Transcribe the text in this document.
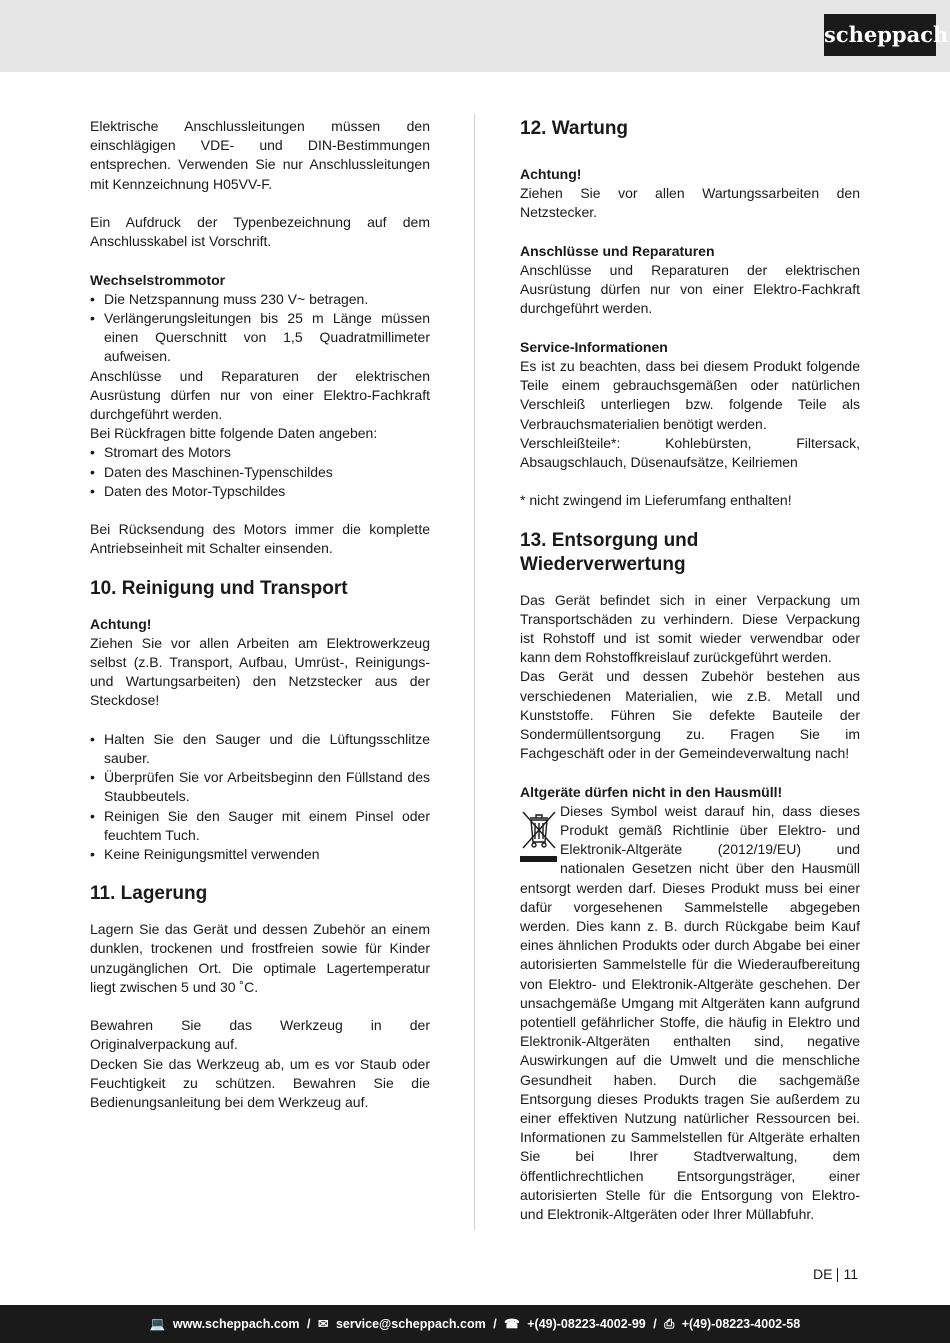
scheppach

Elektrische Anschlussleitungen müssen den einschlägigen VDE- und DIN-Bestimmungen entsprechen. Verwenden Sie nur Anschlussleitungen mit Kennzeichnung H05VV-F.

Ein Aufdruck der Typenbezeichnung auf dem Anschlusskabel ist Vorschrift.

Wechselstrommotor

• Die Netzspannung muss 230 V~ betragen.
• Verlängerungsleitungen bis 25 m Länge müssen einen Querschnitt von 1,5 Quadratmillimeter aufweisen.

Anschlüsse und Reparaturen der elektrischen Ausrüstung dürfen nur von einer Elektro-Fachkraft durchgeführt werden.

Bei Rückfragen bitte folgende Daten angeben:

• Stromart des Motors
• Daten des Maschinen-Typenschildes
• Daten des Motor-Typschildes

Bei Rücksendung des Motors immer die komplette Antriebseinheit mit Schalter einsenden.

10. Reinigung und Transport

Achtung!

Ziehen Sie vor allen Arbeiten am Elektrowerkzeug selbst (z.B. Transport, Aufbau, Umrüst-, Reinigungs- und Wartungsarbeiten) den Netzstecker aus der Steckdose!

• Halten Sie den Sauger und die Lüftungsschlitze sauber.
• Überprüfen Sie vor Arbeitsbeginn den Füllstand des Staubbeutels.
• Reinigen Sie den Sauger mit einem Pinsel oder feuchtem Tuch.
• Keine Reinigungsmittel verwenden
11. Lagerung

Lagern Sie das Gerät und dessen Zubehör an einem dunklen, trockenen und frostfreien sowie für Kinder unzugänglichen Ort. Die optimale Lagertemperatur liegt zwischen 5 und 30 ˚C.

Bewahren Sie das Werkzeug in der Originalverpackung auf.

Decken Sie das Werkzeug ab, um es vor Staub oder Feuchtigkeit zu schützen. Bewahren Sie die Bedienungsanleitung bei dem Werkzeug auf.

12. Wartung

Achtung!

Ziehen Sie vor allen Wartungssarbeiten den Netzstecker.

Anschlüsse und Reparaturen

Anschlüsse und Reparaturen der elektrischen Ausrüstung dürfen nur von einer Elektro-Fachkraft durchgeführt werden.

Service-Informationen

Es ist zu beachten, dass bei diesem Produkt folgende Teile einem gebrauchsgemäßen oder natürlichen Verschleiß unterliegen bzw. folgende Teile als Verbrauchsmaterialien benötigt werden.

Verschleißteile*: Kohlebürsten, Filtersack, Absaugschlauch, Düsenaufsätze, Keilriemen

* nicht zwingend im Lieferumfang enthalten!

13. Entsorgung und Wiederverwertung

Das Gerät befindet sich in einer Verpackung um Transportschäden zu verhindern. Diese Verpackung ist Rohstoff und ist somit wieder verwendbar oder kann dem Rohstoffkreislauf zurückgeführt werden.

Das Gerät und dessen Zubehör bestehen aus verschiedenen Materialien, wie z.B. Metall und Kunststoffe. Führen Sie defekte Bauteile der Sondermüllentsorgung zu. Fragen Sie im Fachgeschäft oder in der Gemeindeverwaltung nach!

Altgeräte dürfen nicht in den Hausmüll!

Dieses Symbol weist darauf hin, dass dieses Produkt gemäß Richtlinie über Elektro- und Elektronik-Altgeräte (2012/19/EU) und nationalen Gesetzen nicht über den Hausmüll entsorgt werden darf. Dieses Produkt muss bei einer dafür vorgesehenen Sammelstelle abgegeben werden. Dies kann z. B. durch Rückgabe beim Kauf eines ähnlichen Produkts oder durch Abgabe bei einer autorisierten Sammelstelle für die Wiederaufbereitung von Elektro- und Elektronik-Altgeräte geschehen. Der unsachgemäße Umgang mit Altgeräten kann aufgrund potentiell gefährlicher Stoffe, die häufig in Elektro und Elektronik-Altgeräten enthalten sind, negative Auswirkungen auf die Umwelt und die menschliche Gesundheit haben. Durch die sachgemäße Entsorgung dieses Produkts tragen Sie außerdem zu einer effektiven Nutzung natürlicher Ressourcen bei. Informationen zu Sammelstellen für Altgeräte erhalten Sie bei Ihrer Stadtverwaltung, dem öffentlichrechtlichen Entsorgungsträger, einer autorisierten Stelle für die Entsorgung von Elektro- und Elektronik-Altgeräten oder Ihrer Müllabfuhr.

DE 11
💻 www.scheppach.com / ✉ service@scheppach.com / ☎ +(49)-08223-4002-99 / ⎙ +(49)-08223-4002-58
